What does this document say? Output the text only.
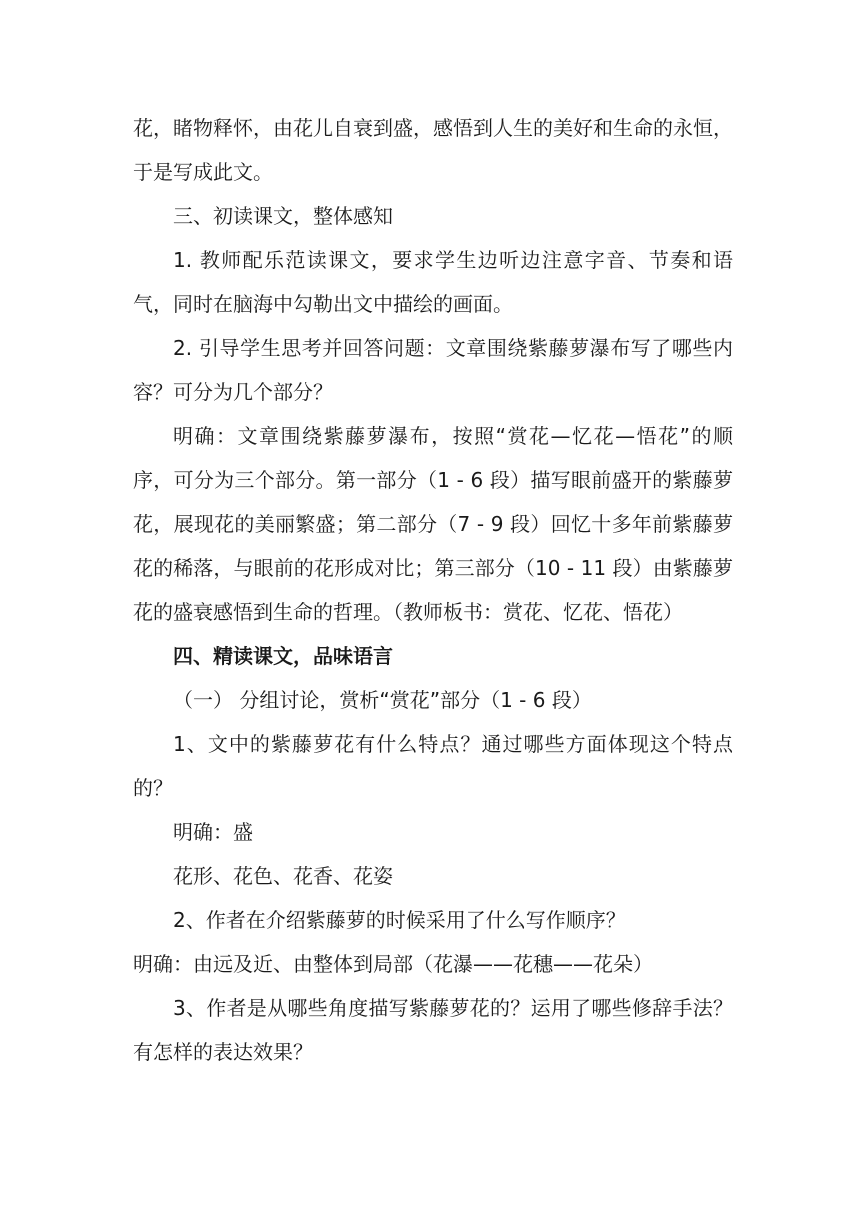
花，睹物释怀，由花儿自衰到盛，感悟到人生的美好和生命的永恒，于是写成此文。

三、初读课文，整体感知

1. 教师配乐范读课文，要求学生边听边注意字音、节奏和语气，同时在脑海中勾勒出文中描绘的画面。

2. 引导学生思考并回答问题：文章围绕紫藤萝瀑布写了哪些内容？可分为几个部分？

明确：文章围绕紫藤萝瀑布，按照“赏花—忆花—悟花”的顺序，可分为三个部分。第一部分（1 - 6 段）描写眼前盛开的紫藤萝花，展现花的美丽繁盛；第二部分（7 - 9 段）回忆十多年前紫藤萝花的稀落，与眼前的花形成对比；第三部分（10 - 11 段）由紫藤萝花的盛衰感悟到生命的哲理。（教师板书：赏花、忆花、悟花）

四、精读课文，品味语言

（一） 分组讨论，赏析“赏花”部分（1 - 6 段）

1、文中的紫藤萝花有什么特点？通过哪些方面体现这个特点的？

明确：盛

花形、花色、花香、花姿

2、作者在介绍紫藤萝的时候采用了什么写作顺序？

明确：由远及近、由整体到局部（花瀑——花穗——花朵）

3、作者是从哪些角度描写紫藤萝花的？运用了哪些修辞手法？有怎样的表达效果？
